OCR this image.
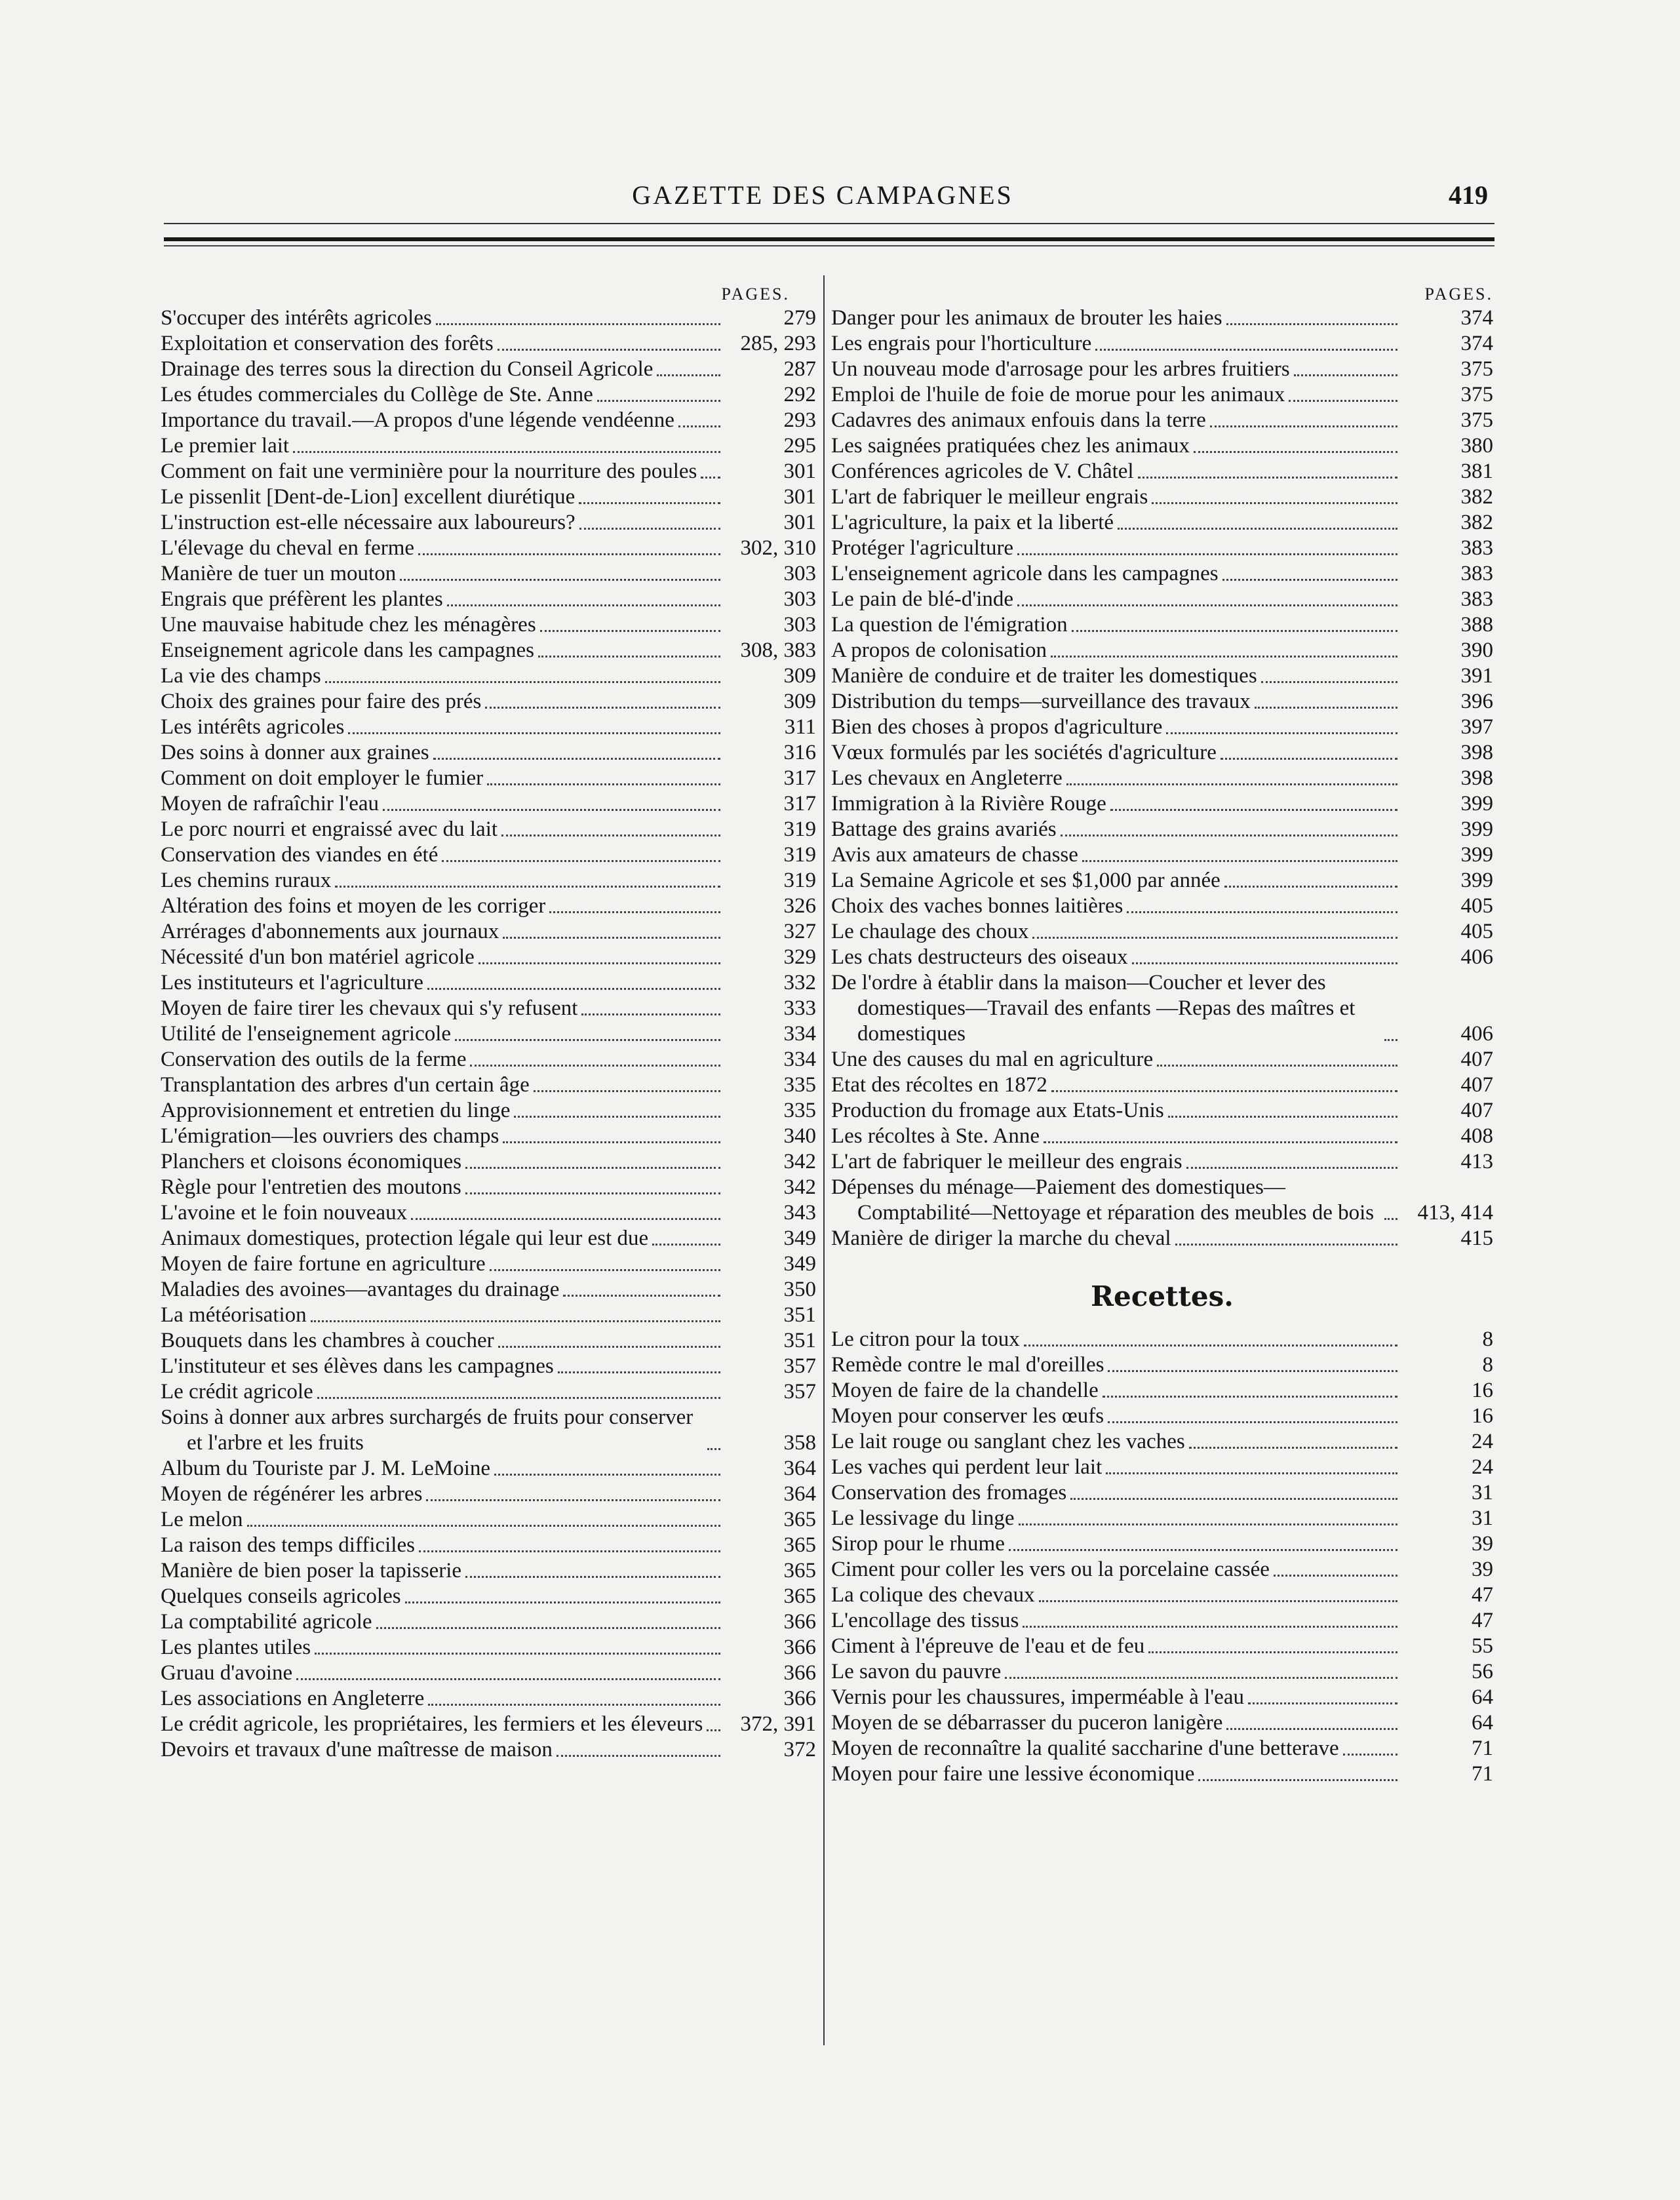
GAZETTE DES CAMPAGNES	419
PAGES.
S'occuper des intérêts agricoles	279
Exploitation et conservation des forêts	285, 293
Drainage des terres sous la direction du Conseil Agricole	287
Les études commerciales du Collège de Ste. Anne	292
Importance du travail.—A propos d'une légende vendéenne	293
Le premier lait	295
Comment on fait une verminière pour la nourriture des poules	301
Le pissenlit [Dent-de-Lion] excellent diurétique	301
L'instruction est-elle nécessaire aux laboureurs?	301
L'élevage du cheval en ferme	302, 310
Manière de tuer un mouton	303
Engrais que préfèrent les plantes	303
Une mauvaise habitude chez les ménagères	303
Enseignement agricole dans les campagnes	308, 383
La vie des champs	309
Choix des graines pour faire des prés	309
Les intérêts agricoles	311
Des soins à donner aux graines	316
Comment on doit employer le fumier	317
Moyen de rafraîchir l'eau	317
Le porc nourri et engraissé avec du lait	319
Conservation des viandes en été	319
Les chemins ruraux	319
Altération des foins et moyen de les corriger	326
Arrérages d'abonnements aux journaux	327
Nécessité d'un bon matériel agricole	329
Les instituteurs et l'agriculture	332
Moyen de faire tirer les chevaux qui s'y refusent	333
Utilité de l'enseignement agricole	334
Conservation des outils de la ferme	334
Transplantation des arbres d'un certain âge	335
Approvisionnement et entretien du linge	335
L'émigration—les ouvriers des champs	340
Planchers et cloisons économiques	342
Règle pour l'entretien des moutons	342
L'avoine et le foin nouveaux	343
Animaux domestiques, protection légale qui leur est due	349
Moyen de faire fortune en agriculture	349
Maladies des avoines—avantages du drainage	350
La météorisation	351
Bouquets dans les chambres à coucher	351
L'instituteur et ses élèves dans les campagnes	357
Le crédit agricole	357
Soins à donner aux arbres surchargés de fruits pour conserver et l'arbre et les fruits	358
Album du Touriste par J. M. LeMoine	364
Moyen de régénérer les arbres	364
Le melon	365
La raison des temps difficiles	365
Manière de bien poser la tapisserie	365
Quelques conseils agricoles	365
La comptabilité agricole	366
Les plantes utiles	366
Gruau d'avoine	366
Les associations en Angleterre	366
Le crédit agricole, les propriétaires, les fermiers et les éleveurs	372, 391
Devoirs et travaux d'une maîtresse de maison	372
PAGES.
Danger pour les animaux de brouter les haies	374
Les engrais pour l'horticulture	374
Un nouveau mode d'arrosage pour les arbres fruitiers	375
Emploi de l'huile de foie de morue pour les animaux	375
Cadavres des animaux enfouis dans la terre	375
Les saignées pratiquées chez les animaux	380
Conférences agricoles de V. Châtel	381
L'art de fabriquer le meilleur engrais	382
L'agriculture, la paix et la liberté	382
Protéger l'agriculture	383
L'enseignement agricole dans les campagnes	383
Le pain de blé-d'inde	383
La question de l'émigration	388
A propos de colonisation	390
Manière de conduire et de traiter les domestiques	391
Distribution du temps—surveillance des travaux	396
Bien des choses à propos d'agriculture	397
Vœux formulés par les sociétés d'agriculture	398
Les chevaux en Angleterre	398
Immigration à la Rivière Rouge	399
Battage des grains avariés	399
Avis aux amateurs de chasse	399
La Semaine Agricole et ses $1,000 par année	399
Choix des vaches bonnes laitières	405
Le chaulage des choux	405
Les chats destructeurs des oiseaux	406
De l'ordre à établir dans la maison—Coucher et lever des domestiques—Travail des enfants —Repas des maîtres et domestiques	406
Une des causes du mal en agriculture	407
Etat des récoltes en 1872	407
Production du fromage aux Etats-Unis	407
Les récoltes à Ste. Anne	408
L'art de fabriquer le meilleur des engrais	413
Dépenses du ménage—Paiement des domestiques—Comptabilité—Nettoyage et réparation des meubles de bois	413, 414
Manière de diriger la marche du cheval	415
Recettes.
Le citron pour la toux	8
Remède contre le mal d'oreilles	8
Moyen de faire de la chandelle	16
Moyen pour conserver les œufs	16
Le lait rouge ou sanglant chez les vaches	24
Les vaches qui perdent leur lait	24
Conservation des fromages	31
Le lessivage du linge	31
Sirop pour le rhume	39
Ciment pour coller les vers ou la porcelaine cassée	39
La colique des chevaux	47
L'encollage des tissus	47
Ciment à l'épreuve de l'eau et de feu	55
Le savon du pauvre	56
Vernis pour les chaussures, imperméable à l'eau	64
Moyen de se débarrasser du puceron lanigère	64
Moyen de reconnaître la qualité saccharine d'une betterave	71
Moyen pour faire une lessive économique	71
